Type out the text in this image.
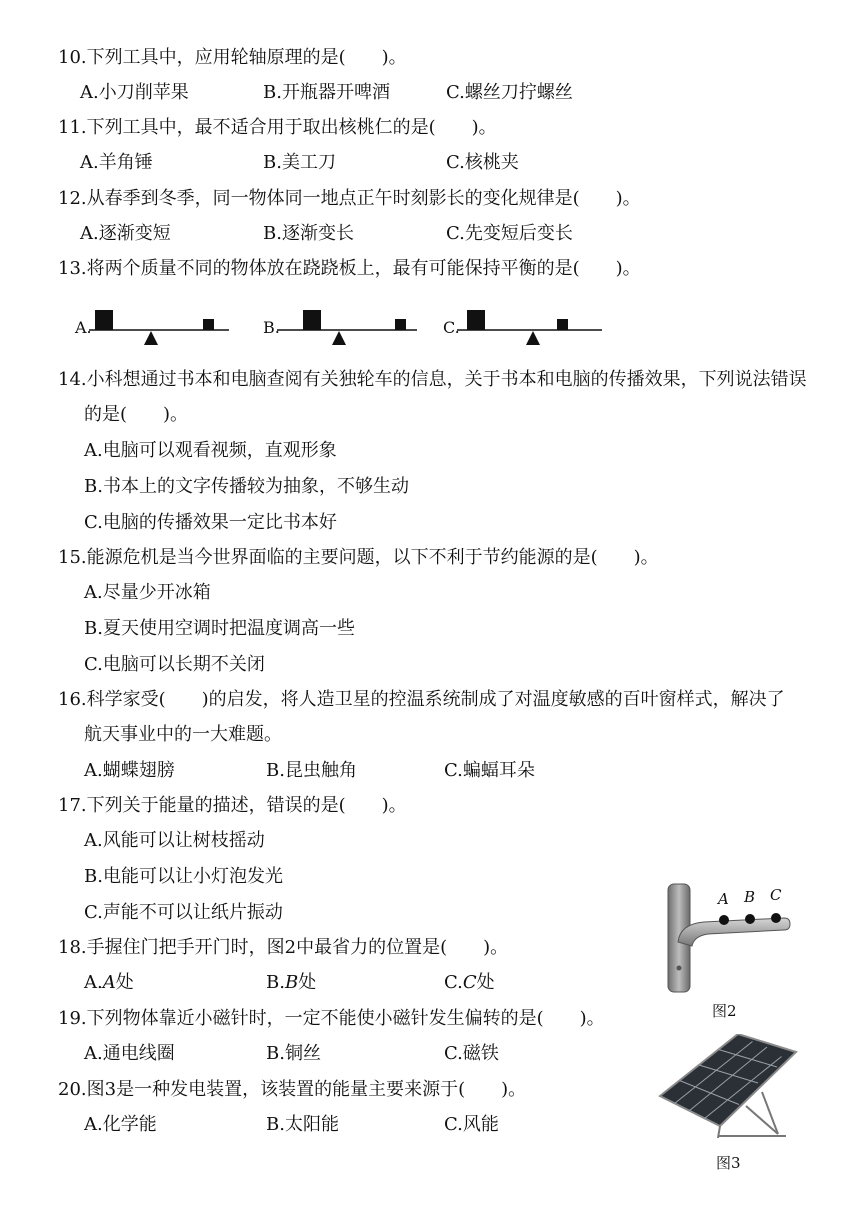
10.下列工具中，应用轮轴原理的是(　　)。
A.小刀削苹果	B.开瓶器开啤酒	C.螺丝刀拧螺丝
11.下列工具中，最不适合用于取出核桃仁的是(　　)。
A.羊角锤	B.美工刀	C.核桃夹
12.从春季到冬季，同一物体同一地点正午时刻影长的变化规律是(　　)。
A.逐渐变短	B.逐渐变长	C.先变短后变长
13.将两个质量不同的物体放在跷跷板上，最有可能保持平衡的是(　　)。
A.	B.	C.
14.小科想通过书本和电脑查阅有关独轮车的信息，关于书本和电脑的传播效果，下列说法错误
的是(　　)。
A.电脑可以观看视频，直观形象
B.书本上的文字传播较为抽象，不够生动
C.电脑的传播效果一定比书本好
15.能源危机是当今世界面临的主要问题，以下不利于节约能源的是(　　)。
A.尽量少开冰箱
B.夏天使用空调时把温度调高一些
C.电脑可以长期不关闭
16.科学家受(　　)的启发，将人造卫星的控温系统制成了对温度敏感的百叶窗样式，解决了
航天事业中的一大难题。
A.蝴蝶翅膀	B.昆虫触角	C.蝙蝠耳朵
17.下列关于能量的描述，错误的是(　　)。
A.风能可以让树枝摇动
B.电能可以让小灯泡发光
C.声能不可以让纸片振动
18.手握住门把手开门时，图2中最省力的位置是(　　)。
A.A处	B.B处	C.C处
19.下列物体靠近小磁针时，一定不能使小磁针发生偏转的是(　　)。
A.通电线圈	B.铜丝	C.磁铁
20.图3是一种发电装置，该装置的能量主要来源于(　　)。
A.化学能	B.太阳能	C.风能
A B C
图2
图3
